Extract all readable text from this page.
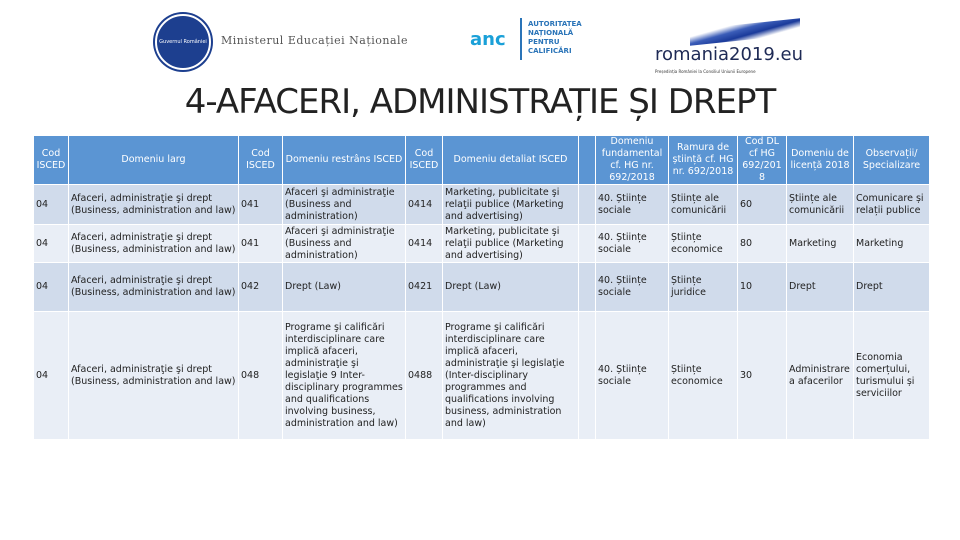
Guvernul României Ministerul Educației Naționale	anc
AUTORITATEA
NAȚIONALĂ
PENTRU
CALIFICĂRI	romania2019.eu
Președinția României la Consiliul Uniunii Europene
4-AFACERI, ADMINISTRAȚIE ȘI DREPT
Cod ISCED	Domeniu larg	Cod ISCED	Domeniu restrâns ISCED	Cod ISCED	Domeniu detaliat ISCED		Domeniu fundamental cf. HG nr. 692/2018	Ramura de știință cf. HG nr. 692/2018	Cod DL cf HG 692/2018	Domeniu de licență 2018	Observații/ Specializare
04	Afaceri, administraţie şi drept (Business, administration and law)	041	Afaceri şi administraţie (Business and administration)	0414	Marketing, publicitate şi relaţii publice (Marketing and advertising)		40. Științe sociale	Științe ale comunicării	60	Științe ale comunicării	Comunicare și relații publice
04	Afaceri, administraţie şi drept (Business, administration and law)	041	Afaceri şi administraţie (Business and administration)	0414	Marketing, publicitate şi relaţii publice (Marketing and advertising)		40. Științe sociale	Științe economice	80	Marketing	Marketing
04	Afaceri, administraţie şi drept (Business, administration and law)	042	Drept (Law)	0421	Drept (Law)		40. Științe sociale	Științe juridice	10	Drept	Drept
04	Afaceri, administraţie şi drept (Business, administration and law)	048	Programe şi calificări interdisciplinare care implică afaceri, administraţie şi legislaţie 9 Inter-disciplinary programmes and qualifications involving business, administration and law)	0488	Programe şi calificări interdisciplinare care implică afaceri, administraţie şi legislaţie (Inter-disciplinary programmes and qualifications involving business, administration and law)		40. Științe sociale	Științe economice	30	Administrarea afacerilor	Economia comerțului, turismului și serviciilor
